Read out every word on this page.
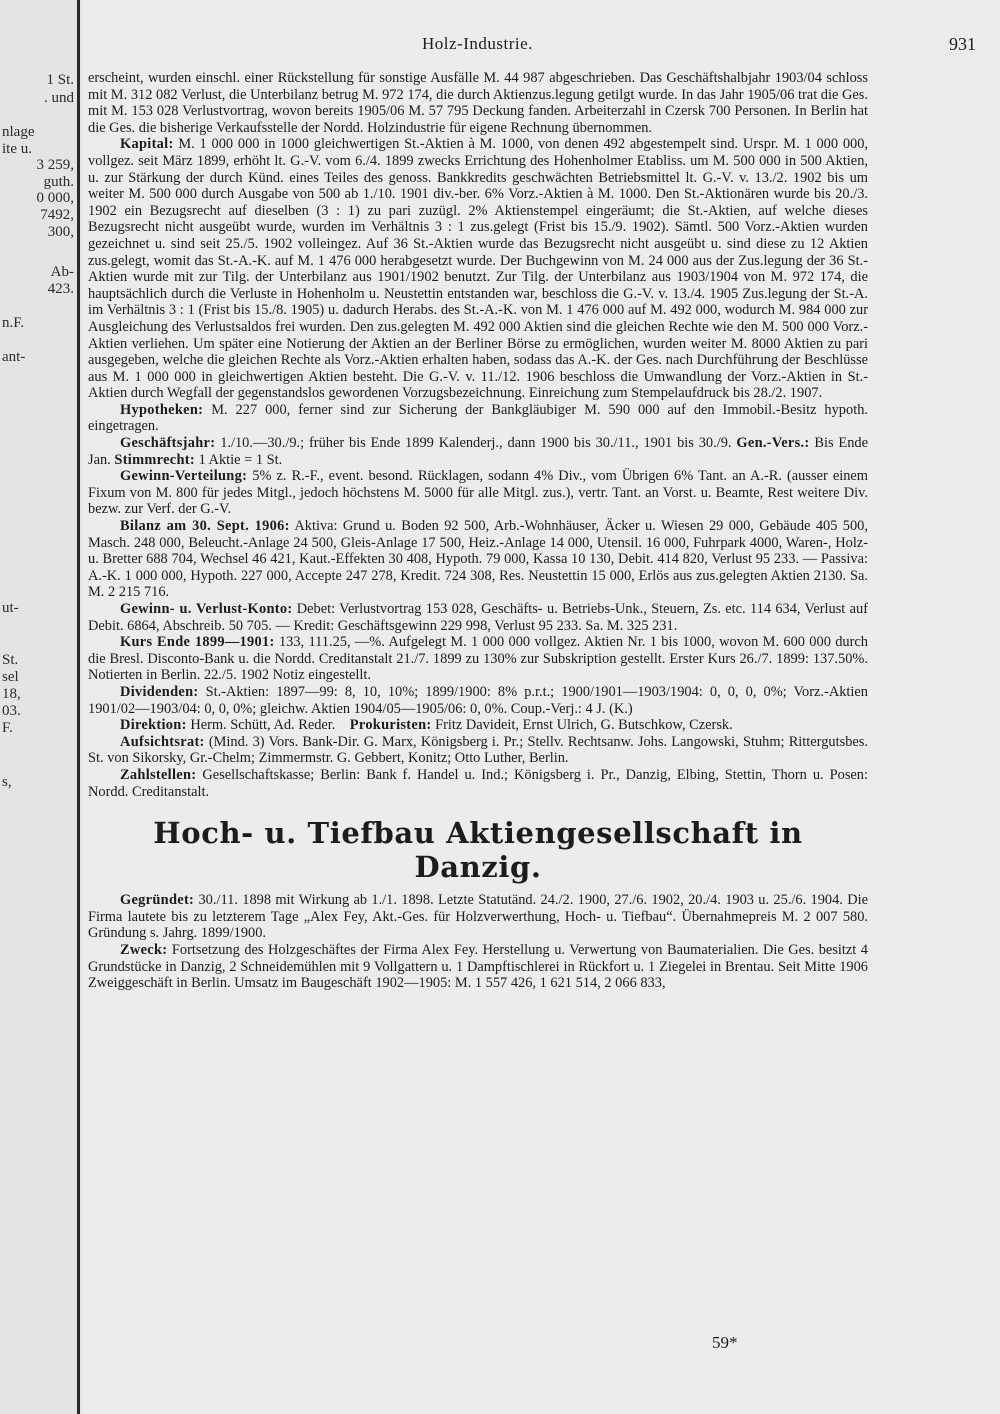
1 St.
. und
nlage
ite u.
3 259,
guth.
0 000,
7492,
300,
Ab-
423.
n.F.
ant-
ut-
St.
sel
18,
03.
F.
s,
Holz-Industrie.	931

erscheint, wurden einschl. einer Rückstellung für sonstige Ausfälle M. 44 987 abgeschrieben. Das Geschäftshalbjahr 1903/04 schloss mit M. 312 082 Verlust, die Unterbilanz betrug M. 972 174, die durch Aktienzus.legung getilgt wurde. In das Jahr 1905/06 trat die Ges. mit M. 153 028 Verlustvortrag, wovon bereits 1905/06 M. 57 795 Deckung fanden. Arbeiterzahl in Czersk 700 Personen. In Berlin hat die Ges. die bisherige Verkaufsstelle der Nordd. Holzindustrie für eigene Rechnung übernommen.

Kapital: M. 1 000 000 in 1000 gleichwertigen St.-Aktien à M. 1000, von denen 492 abgestempelt sind. Urspr. M. 1 000 000, vollgez. seit März 1899, erhöht lt. G.-V. vom 6./4. 1899 zwecks Errichtung des Hohenholmer Etabliss. um M. 500 000 in 500 Aktien, u. zur Stärkung der durch Künd. eines Teiles des genoss. Bankkredits geschwächten Betriebsmittel lt. G.-V. v. 13./2. 1902 bis um weiter M. 500 000 durch Ausgabe von 500 ab 1./10. 1901 div.-ber. 6% Vorz.-Aktien à M. 1000. Den St.-Aktionären wurde bis 20./3. 1902 ein Bezugsrecht auf dieselben (3 : 1) zu pari zuzügl. 2% Aktienstempel eingeräumt; die St.-Aktien, auf welche dieses Bezugsrecht nicht ausgeübt wurde, wurden im Verhältnis 3 : 1 zus.gelegt (Frist bis 15./9. 1902). Sämtl. 500 Vorz.-Aktien wurden gezeichnet u. sind seit 25./5. 1902 volleingez. Auf 36 St.-Aktien wurde das Bezugsrecht nicht ausgeübt u. sind diese zu 12 Aktien zus.gelegt, womit das St.-A.-K. auf M. 1 476 000 herabgesetzt wurde. Der Buchgewinn von M. 24 000 aus der Zus.legung der 36 St.-Aktien wurde mit zur Tilg. der Unterbilanz aus 1901/1902 benutzt. Zur Tilg. der Unterbilanz aus 1903/1904 von M. 972 174, die hauptsächlich durch die Verluste in Hohenholm u. Neustettin entstanden war, beschloss die G.-V. v. 13./4. 1905 Zus.legung der St.-A. im Verhältnis 3 : 1 (Frist bis 15./8. 1905) u. dadurch Herabs. des St.-A.-K. von M. 1 476 000 auf M. 492 000, wodurch M. 984 000 zur Ausgleichung des Verlustsaldos frei wurden. Den zus.gelegten M. 492 000 Aktien sind die gleichen Rechte wie den M. 500 000 Vorz.-Aktien verliehen. Um später eine Notierung der Aktien an der Berliner Börse zu ermöglichen, wurden weiter M. 8000 Aktien zu pari ausgegeben, welche die gleichen Rechte als Vorz.-Aktien erhalten haben, sodass das A.-K. der Ges. nach Durchführung der Beschlüsse aus M. 1 000 000 in gleichwertigen Aktien besteht. Die G.-V. v. 11./12. 1906 beschloss die Umwandlung der Vorz.-Aktien in St.-Aktien durch Wegfall der gegenstandslos gewordenen Vorzugsbezeichnung. Einreichung zum Stempelaufdruck bis 28./2. 1907.

Hypotheken: M. 227 000, ferner sind zur Sicherung der Bankgläubiger M. 590 000 auf den Immobil.-Besitz hypoth. eingetragen.

Geschäftsjahr: 1./10.—30./9.; früher bis Ende 1899 Kalenderj., dann 1900 bis 30./11., 1901 bis 30./9. Gen.-Vers.: Bis Ende Jan. Stimmrecht: 1 Aktie = 1 St.

Gewinn-Verteilung: 5% z. R.-F., event. besond. Rücklagen, sodann 4% Div., vom Übrigen 6% Tant. an A.-R. (ausser einem Fixum von M. 800 für jedes Mitgl., jedoch höchstens M. 5000 für alle Mitgl. zus.), vertr. Tant. an Vorst. u. Beamte, Rest weitere Div. bezw. zur Verf. der G.-V.

Bilanz am 30. Sept. 1906: Aktiva: Grund u. Boden 92 500, Arb.-Wohnhäuser, Äcker u. Wiesen 29 000, Gebäude 405 500, Masch. 248 000, Beleucht.-Anlage 24 500, Gleis-Anlage 17 500, Heiz.-Anlage 14 000, Utensil. 16 000, Fuhrpark 4000, Waren-, Holz- u. Bretter 688 704, Wechsel 46 421, Kaut.-Effekten 30 408, Hypoth. 79 000, Kassa 10 130, Debit. 414 820, Verlust 95 233. — Passiva: A.-K. 1 000 000, Hypoth. 227 000, Accepte 247 278, Kredit. 724 308, Res. Neustettin 15 000, Erlös aus zus.gelegten Aktien 2130. Sa. M. 2 215 716.

Gewinn- u. Verlust-Konto: Debet: Verlustvortrag 153 028, Geschäfts- u. Betriebs-Unk., Steuern, Zs. etc. 114 634, Verlust auf Debit. 6864, Abschreib. 50 705. — Kredit: Geschäftsgewinn 229 998, Verlust 95 233. Sa. M. 325 231.

Kurs Ende 1899—1901: 133, 111.25, —%. Aufgelegt M. 1 000 000 vollgez. Aktien Nr. 1 bis 1000, wovon M. 600 000 durch die Bresl. Disconto-Bank u. die Nordd. Creditanstalt 21./7. 1899 zu 130% zur Subskription gestellt. Erster Kurs 26./7. 1899: 137.50%. Notierten in Berlin. 22./5. 1902 Notiz eingestellt.

Dividenden: St.-Aktien: 1897—99: 8, 10, 10%; 1899/1900: 8% p.r.t.; 1900/1901—1903/1904: 0, 0, 0, 0%; Vorz.-Aktien 1901/02—1903/04: 0, 0, 0%; gleichw. Aktien 1904/05—1905/06: 0, 0%. Coup.-Verj.: 4 J. (K.)

Direktion: Herm. Schütt, Ad. Reder. Prokuristen: Fritz Davideit, Ernst Ulrich, G. Butschkow, Czersk.

Aufsichtsrat: (Mind. 3) Vors. Bank-Dir. G. Marx, Königsberg i. Pr.; Stellv. Rechtsanw. Johs. Langowski, Stuhm; Rittergutsbes. St. von Sikorsky, Gr.-Chelm; Zimmermstr. G. Gebbert, Konitz; Otto Luther, Berlin.

Zahlstellen: Gesellschaftskasse; Berlin: Bank f. Handel u. Ind.; Königsberg i. Pr., Danzig, Elbing, Stettin, Thorn u. Posen: Nordd. Creditanstalt.

Hoch- u. Tiefbau Aktiengesellschaft in Danzig.

Gegründet: 30./11. 1898 mit Wirkung ab 1./1. 1898. Letzte Statutänd. 24./2. 1900, 27./6. 1902, 20./4. 1903 u. 25./6. 1904. Die Firma lautete bis zu letzterem Tage „Alex Fey, Akt.-Ges. für Holzverwerthung, Hoch- u. Tiefbau“. Übernahmepreis M. 2 007 580. Gründung s. Jahrg. 1899/1900.

Zweck: Fortsetzung des Holzgeschäftes der Firma Alex Fey. Herstellung u. Verwertung von Baumaterialien. Die Ges. besitzt 4 Grundstücke in Danzig, 2 Schneidemühlen mit 9 Vollgattern u. 1 Dampftischlerei in Rückfort u. 1 Ziegelei in Brentau. Seit Mitte 1906 Zweiggeschäft in Berlin. Umsatz im Baugeschäft 1902—1905: M. 1 557 426, 1 621 514, 2 066 833,

59*
